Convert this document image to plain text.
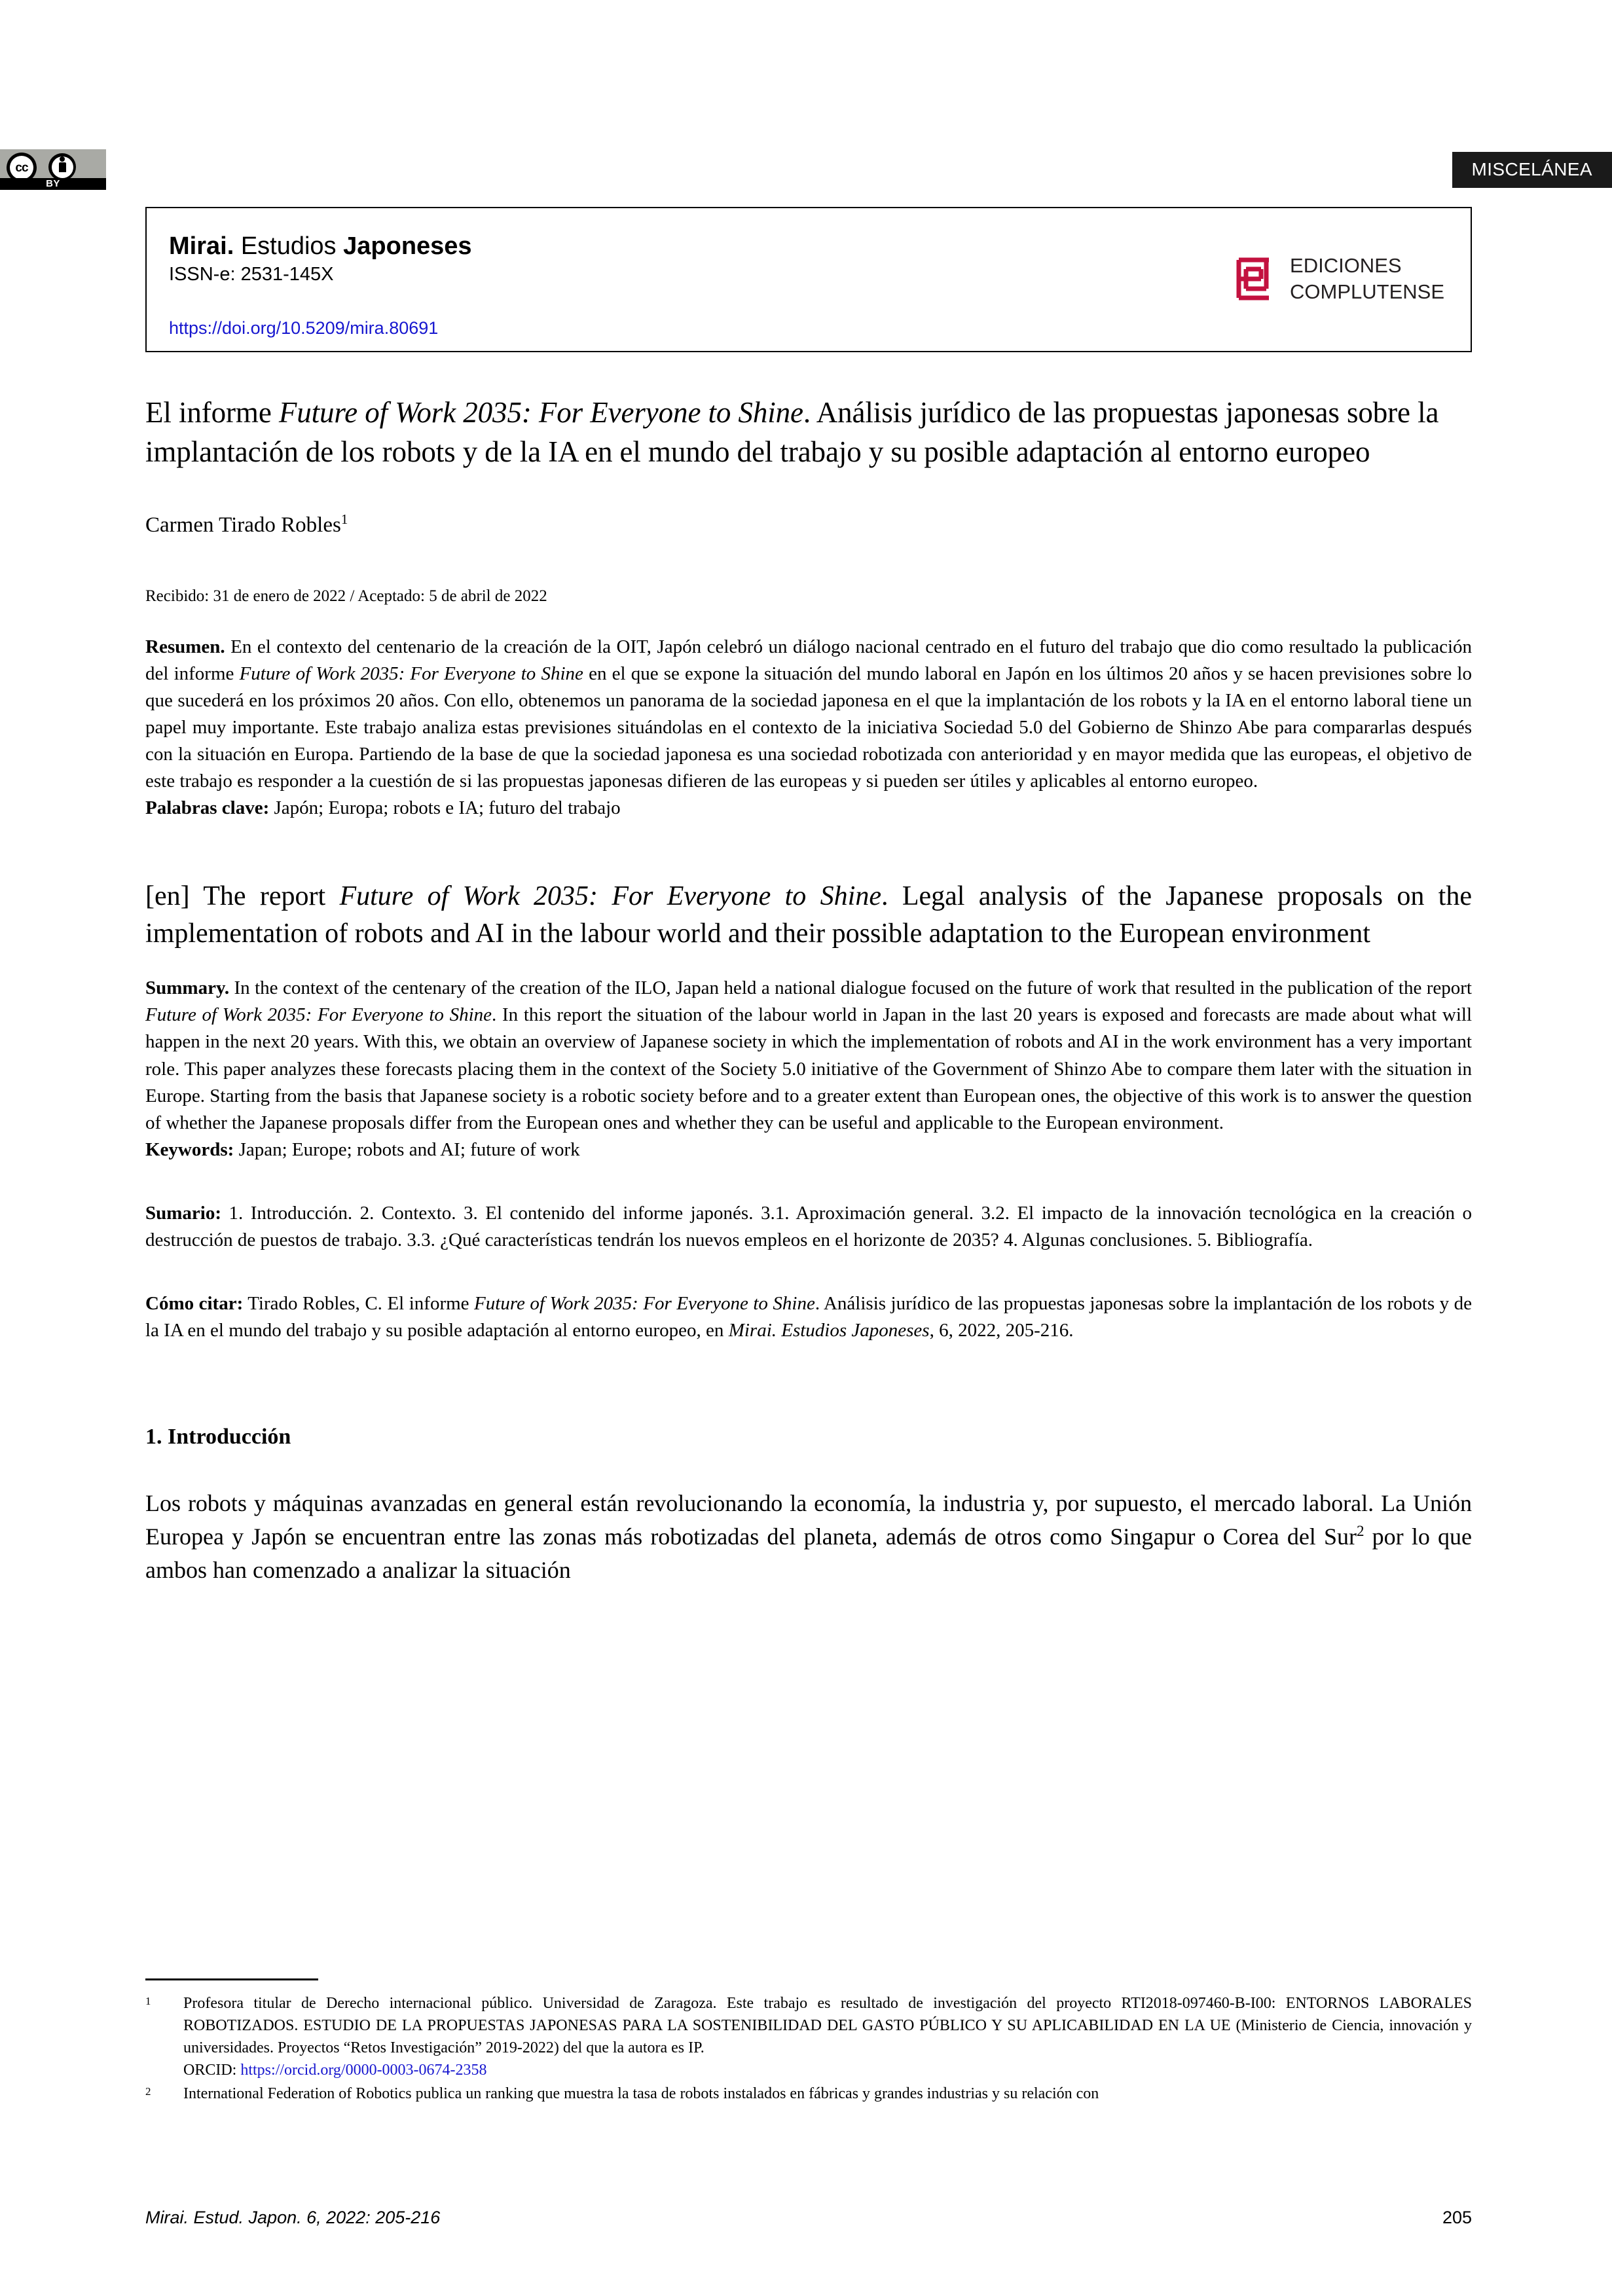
cc
BY
MISCELÁNEA
Mirai. Estudios Japoneses
ISSN-e: 2531-145X
https://doi.org/10.5209/mira.80691
EDICIONES
COMPLUTENSE
El informe Future of Work 2035: For Everyone to Shine. Análisis jurídico de las propuestas japonesas sobre la implantación de los robots y de la IA en el mundo del trabajo y su posible adaptación al entorno europeo
Carmen Tirado Robles$^1$
Recibido: 31 de enero de 2022 / Aceptado: 5 de abril de 2022
Resumen. En el contexto del centenario de la creación de la OIT, Japón celebró un diálogo nacional centrado en el futuro del trabajo que dio como resultado la publicación del informe Future of Work 2035: For Everyone to Shine en el que se expone la situación del mundo laboral en Japón en los últimos 20 años y se hacen previsiones sobre lo que sucederá en los próximos 20 años. Con ello, obtenemos un panorama de la sociedad japonesa en el que la implantación de los robots y la IA en el entorno laboral tiene un papel muy importante. Este trabajo analiza estas previsiones situándolas en el contexto de la iniciativa Sociedad 5.0 del Gobierno de Shinzo Abe para compararlas después con la situación en Europa. Partiendo de la base de que la sociedad japonesa es una sociedad robotizada con anterioridad y en mayor medida que las europeas, el objetivo de este trabajo es responder a la cuestión de si las propuestas japonesas difieren de las europeas y si pueden ser útiles y aplicables al entorno europeo.
Palabras clave: Japón; Europa; robots e IA; futuro del trabajo
[en] The report Future of Work 2035: For Everyone to Shine. Legal analysis of the Japanese proposals on the implementation of robots and AI in the labour world and their possible adaptation to the European environment
Summary. In the context of the centenary of the creation of the ILO, Japan held a national dialogue focused on the future of work that resulted in the publication of the report Future of Work 2035: For Everyone to Shine. In this report the situation of the labour world in Japan in the last 20 years is exposed and forecasts are made about what will happen in the next 20 years. With this, we obtain an overview of Japanese society in which the implementation of robots and AI in the work environment has a very important role. This paper analyzes these forecasts placing them in the context of the Society 5.0 initiative of the Government of Shinzo Abe to compare them later with the situation in Europe. Starting from the basis that Japanese society is a robotic society before and to a greater extent than European ones, the objective of this work is to answer the question of whether the Japanese proposals differ from the European ones and whether they can be useful and applicable to the European environment.
Keywords: Japan; Europe; robots and AI; future of work
Sumario: 1. Introducción. 2. Contexto. 3. El contenido del informe japonés. 3.1. Aproximación general. 3.2. El impacto de la innovación tecnológica en la creación o destrucción de puestos de trabajo. 3.3. ¿Qué características tendrán los nuevos empleos en el horizonte de 2035? 4. Algunas conclusiones. 5. Bibliografía.
Cómo citar: Tirado Robles, C. El informe Future of Work 2035: For Everyone to Shine. Análisis jurídico de las propuestas japonesas sobre la implantación de los robots y de la IA en el mundo del trabajo y su posible adaptación al entorno europeo, en Mirai. Estudios Japoneses, 6, 2022, 205-216.
1. Introducción

Los robots y máquinas avanzadas en general están revolucionando la economía, la industria y, por supuesto, el mercado laboral. La Unión Europea y Japón se encuentran entre las zonas más robotizadas del planeta, además de otros como Singapur o Corea del Sur$^2$ por lo que ambos han comenzado a analizar la situación

1	Profesora titular de Derecho internacional público. Universidad de Zaragoza. Este trabajo es resultado de investigación del proyecto RTI2018-097460-B-I00: ENTORNOS LABORALES ROBOTIZADOS. ESTUDIO DE LA PROPUESTAS JAPONESAS PARA LA SOSTENIBILIDAD DEL GASTO PÚBLICO Y SU APLICABILIDAD EN LA UE (Ministerio de Ciencia, innovación y universidades. Proyectos “Retos Investigación” 2019-2022) del que la autora es IP.
ORCID: https://orcid.org/0000-0003-0674-2358
2	International Federation of Robotics publica un ranking que muestra la tasa de robots instalados en fábricas y grandes industrias y su relación con
Mirai. Estud. Japon. 6, 2022: 205-216	205
